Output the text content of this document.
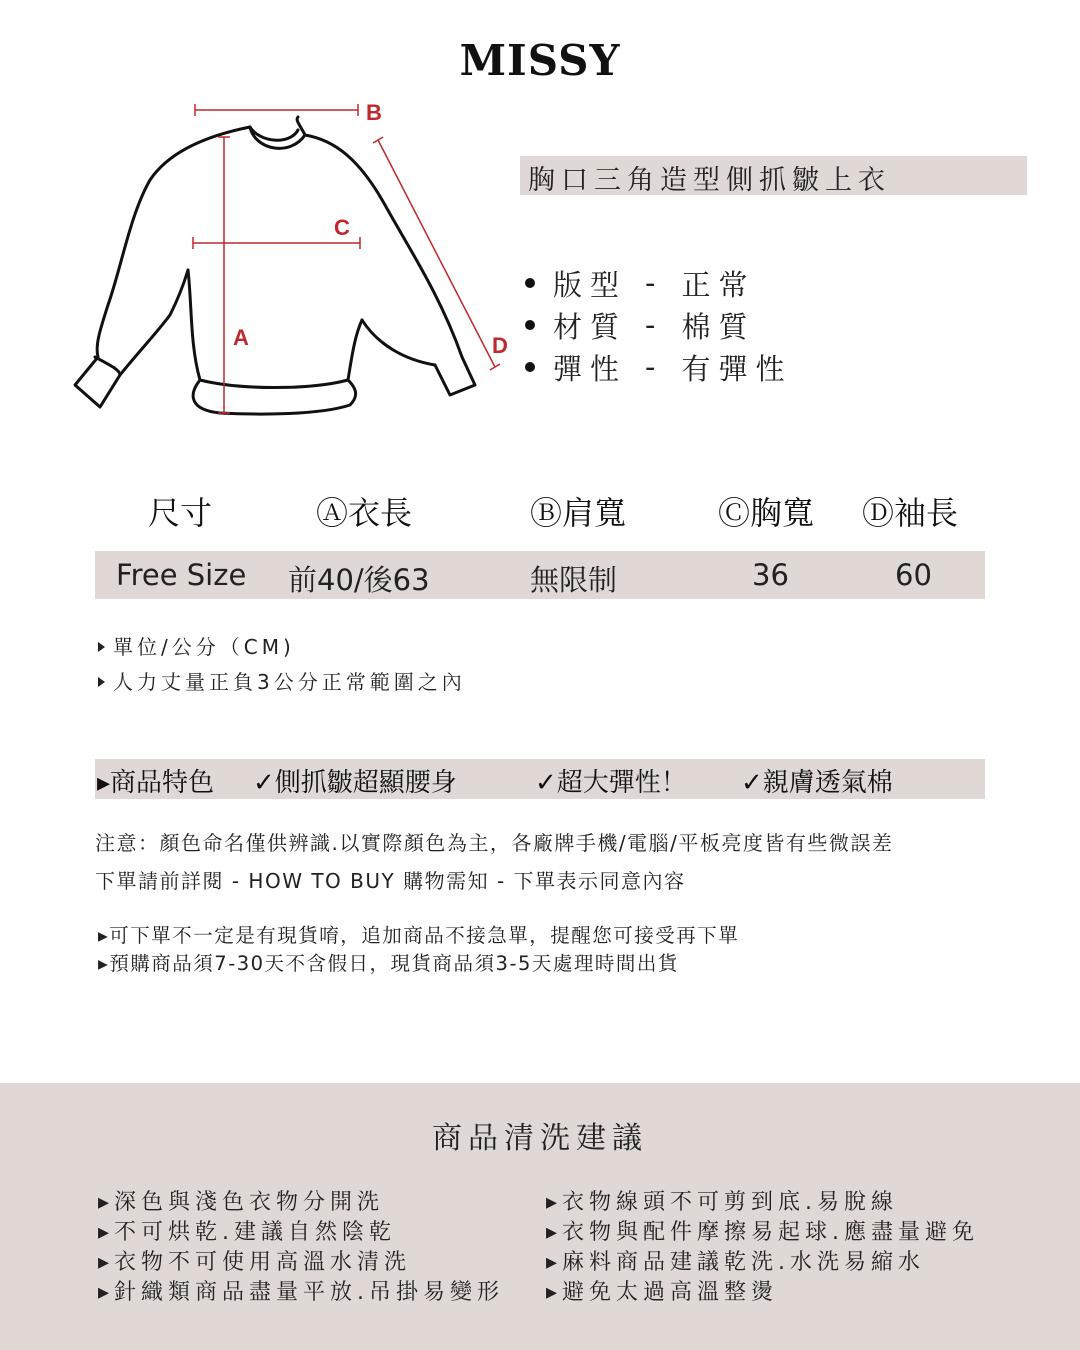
MISSY
B
C
A	D
胸口三角造型側抓皺上衣
版型 - 正常
材質 - 棉質
彈性 - 有彈性
尺寸	Ⓐ衣長	Ⓑ肩寬	Ⓒ胸寬 Ⓓ袖長
Free Size 前40/後63	無限制	36	60
單位/公分（CM)
人力丈量正負3公分正常範圍之內
▸商品特色 ✓側抓皺超顯腰身	✓超大彈性！ ✓親膚透氣棉
注意：顏色命名僅供辨識.以實際顏色為主，各廠牌手機/電腦/平板亮度皆有些微誤差
下單請前詳閱 - HOW TO BUY 購物需知 - 下單表示同意內容
▸可下單不一定是有現貨唷，追加商品不接急單，提醒您可接受再下單
▸預購商品須7-30天不含假日，現貨商品須3-5天處理時間出貨
商品清洗建議
▸深色與淺色衣物分開洗
▸不可烘乾.建議自然陰乾
▸衣物不可使用高溫水清洗
▸針織類商品盡量平放.吊掛易變形
▸衣物線頭不可剪到底.易脫線
▸衣物與配件摩擦易起球.應盡量避免
▸麻料商品建議乾洗.水洗易縮水
▸避免太過高溫整燙
